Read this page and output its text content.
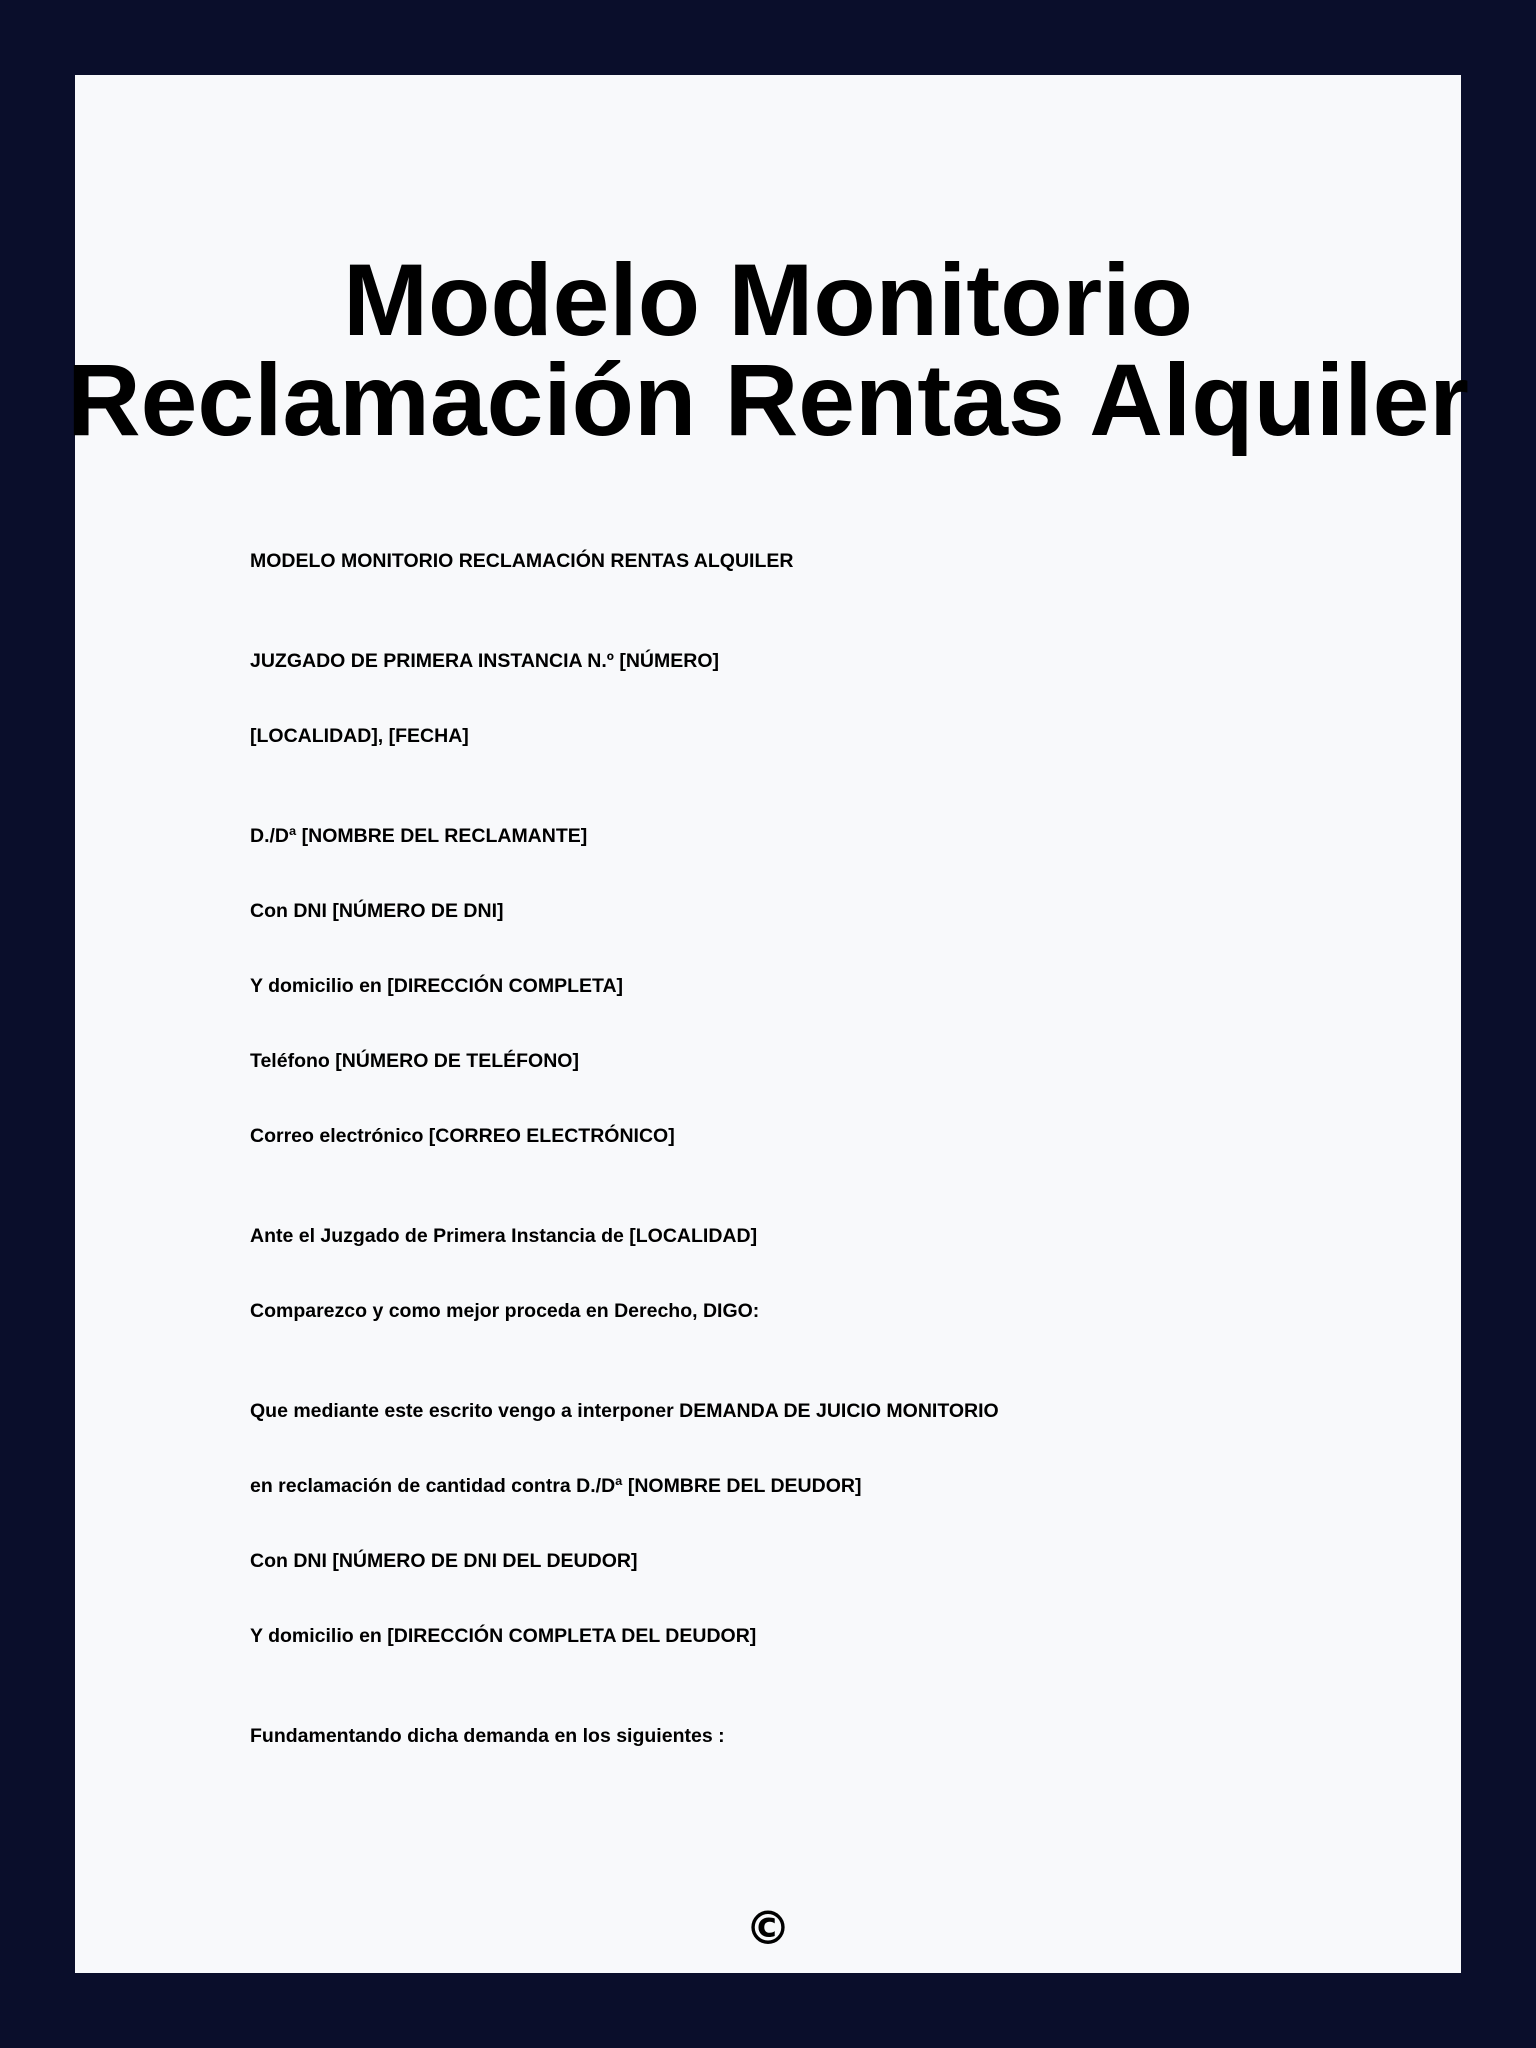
Modelo Monitorio
Reclamación Rentas Alquiler

MODELO MONITORIO RECLAMACIÓN RENTAS ALQUILER

JUZGADO DE PRIMERA INSTANCIA N.º [NÚMERO]

[LOCALIDAD], [FECHA]

D./Dª [NOMBRE DEL RECLAMANTE]

Con DNI [NÚMERO DE DNI]

Y domicilio en [DIRECCIÓN COMPLETA]

Teléfono [NÚMERO DE TELÉFONO]

Correo electrónico [CORREO ELECTRÓNICO]

Ante el Juzgado de Primera Instancia de [LOCALIDAD]

Comparezco y como mejor proceda en Derecho, DIGO:

Que mediante este escrito vengo a interponer DEMANDA DE JUICIO MONITORIO

en reclamación de cantidad contra D./Dª [NOMBRE DEL DEUDOR]

Con DNI [NÚMERO DE DNI DEL DEUDOR]

Y domicilio en [DIRECCIÓN COMPLETA DEL DEUDOR]

Fundamentando dicha demanda en los siguientes :

©
